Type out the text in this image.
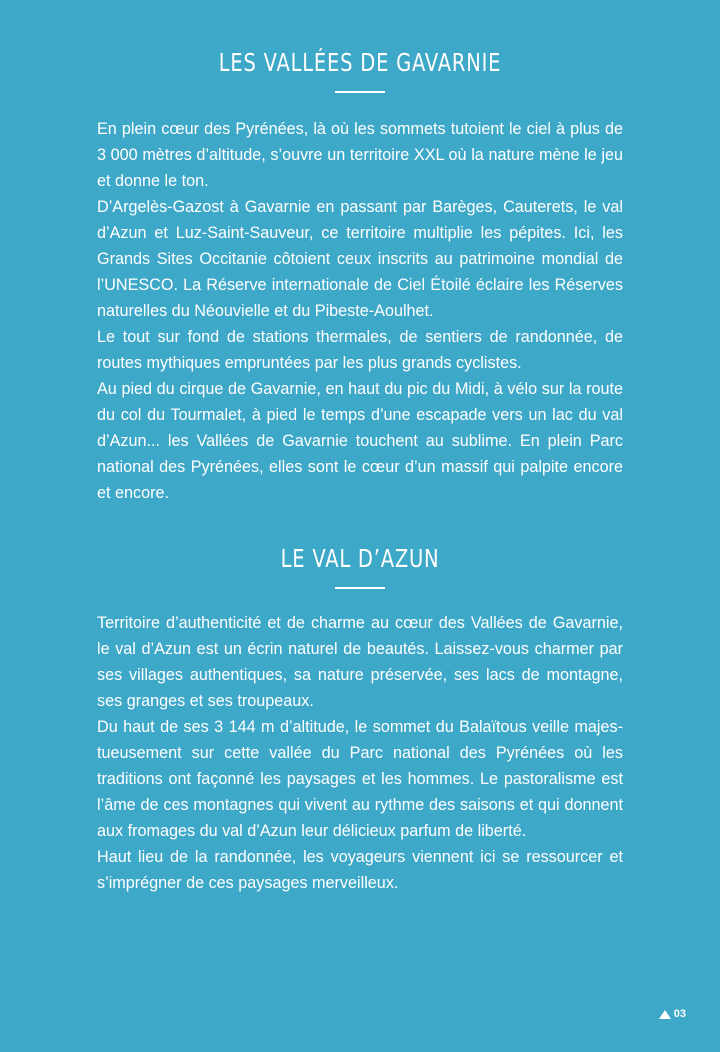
LES VALLÉES DE GAVARNIE

En plein cœur des Pyrénées, là où les sommets tutoient le ciel à plus de 3 000 mètres d’altitude, s’ouvre un territoire XXL où la nature mène le jeu et donne le ton.

D’Argelès-Gazost à Gavarnie en passant par Barèges, Cauterets, le val d’Azun et Luz-Saint-Sauveur, ce territoire multiplie les pépites. Ici, les Grands Sites Occitanie côtoient ceux inscrits au patrimoine mondial de l’UNESCO. La Réserve internationale de Ciel Étoilé éclaire les Réserves naturelles du Néouvielle et du Pibeste-Aoulhet.

Le tout sur fond de stations thermales, de sentiers de randonnée, de routes mythiques empruntées par les plus grands cyclistes.

Au pied du cirque de Gavarnie, en haut du pic du Midi, à vélo sur la route du col du Tourmalet, à pied le temps d’une escapade vers un lac du val d’Azun... les Vallées de Gavarnie touchent au sublime. En plein Parc national des Pyrénées, elles sont le cœur d’un massif qui palpite encore et encore.

LE VAL D’AZUN

Territoire d’authenticité et de charme au cœur des Vallées de Gavarnie, le val d’Azun est un écrin naturel de beautés. Laissez-vous charmer par ses villages authentiques, sa nature préservée, ses lacs de montagne, ses granges et ses troupeaux.

Du haut de ses 3 144 m d’altitude, le sommet du Balaïtous veille majestueusement sur cette vallée du Parc national des Pyrénées où les traditions ont façonné les paysages et les hommes. Le pastoralisme est l’âme de ces montagnes qui vivent au rythme des saisons et qui donnent aux fromages du val d’Azun leur délicieux parfum de liberté.

Haut lieu de la randonnée, les voyageurs viennent ici se ressourcer et s’imprégner de ces paysages merveilleux.

03
